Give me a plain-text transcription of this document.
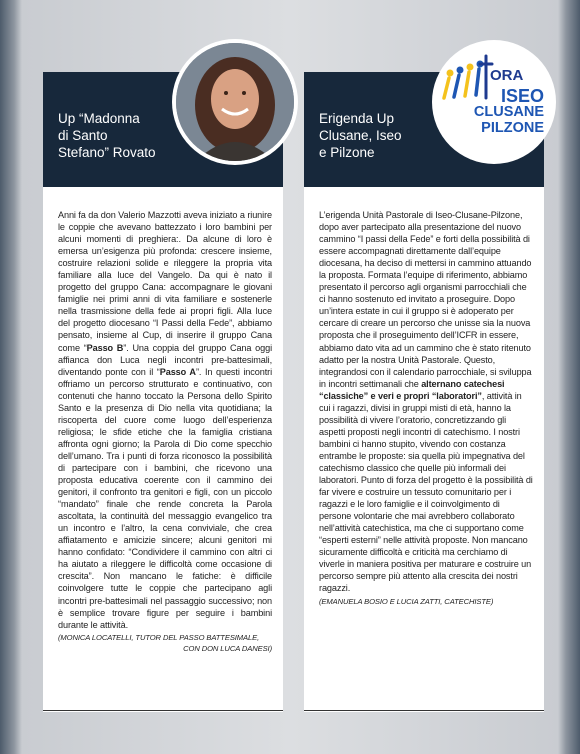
Up “Madonna
di Santo
Stefano” Rovato

Anni fa da don Valerio Mazzotti aveva iniziato a riunire le coppie che avevano battezzato i loro bambini per alcuni momenti di preghiera:. Da alcune di loro è emersa un’esigenza più profonda: crescere insieme, costruire relazioni solide e rileggere la propria vita familiare alla luce del Vangelo. Da qui è nato il progetto del gruppo Cana: accompagnare le giovani famiglie nei primi anni di vita familiare e sostenerle nella trasmissione della fede ai propri figli. Alla luce del progetto diocesano “I Passi della Fede”, abbiamo pensato, insieme al Cup, di inserire il gruppo Cana come “Passo B”. Una coppia del gruppo Cana oggi affianca don Luca negli incontri pre-battesimali, diventando ponte con il “Passo A”. In questi incontri offriamo un percorso strutturato e continuativo, con contenuti che hanno toccato la Persona dello Spirito Santo e la presenza di Dio nella vita quotidiana; la riscoperta del cuore come luogo dell’esperienza religiosa; le sfide etiche che la famiglia cristiana affronta ogni giorno; la Parola di Dio come specchio dell’umano. Tra i punti di forza riconosco la possibilità di partecipare con i bambini, che ricevono una proposta educativa coerente con il cammino dei genitori, il confronto tra genitori e figli, con un piccolo “mandato” finale che rende concreta la Parola ascoltata, la continuità del messaggio evangelico tra un incontro e l’altro, la cena conviviale, che crea affiatamento e amicizie sincere; alcuni genitori mi hanno confidato: “Condividere il cammino con altri ci ha aiutato a rileggere le difficoltà come occasione di crescita”. Non mancano le fatiche: è difficile coinvolgere tutte le coppie che partecipano agli incontri pre-battesimali nel passaggio successivo; non è semplice trovare figure per seguire i bambini durante le attività.

(MONICA LOCATELLI, TUTOR DEL PASSO BATTESIMALE,
CON DON LUCA DANESI)
Erigenda Up
Clusane, Iseo
e Pilzone

L’erigenda Unità Pastorale di Iseo-Clusane-Pilzone, dopo aver partecipato alla presentazione del nuovo cammino “I passi della Fede” e forti della possibilità di essere accompagnati direttamente dall’equipe diocesana, ha deciso di mettersi in cammino attuando la proposta. Formata l’equipe di riferimento, abbiamo presentato il percorso agli organismi parrocchiali che ci hanno sostenuto ed invitato a proseguire. Dopo un’intera estate in cui il gruppo si è adoperato per cercare di creare un percorso che unisse sia la nuova proposta che il proseguimento dell’ICFR in essere, abbiamo dato vita ad un cammino che è stato ritenuto adatto per la nostra Unità Pastorale. Questo, integrandosi con il calendario parrocchiale, si sviluppa in incontri settimanali che alternano catechesi “classiche” e veri e propri “laboratori”, attività in cui i ragazzi, divisi in gruppi misti di età, hanno la possibilità di vivere l’oratorio, concretizzando gli aspetti proposti negli incontri di catechismo. I nostri bambini ci hanno stupito, vivendo con costanza entrambe le proposte: sia quella più impegnativa del catechismo classico che quelle più informali dei laboratori. Punto di forza del progetto è la possibilità di far vivere e costruire un tessuto comunitario per i ragazzi e le loro famiglie e il coinvolgimento di persone volontarie che mai avrebbero collaborato nell’attività catechistica, ma che ci supportano come “esperti esterni” nelle attività proposte. Non mancano sicuramente difficoltà e criticità ma cerchiamo di viverle in maniera positiva per maturare e costruire un percorso sempre più attento alla crescita dei nostri ragazzi.

(EMANUELA BOSIO E LUCIA ZATTI, CATECHISTE)
ORA
ISEO
CLUSANE
PILZONE
